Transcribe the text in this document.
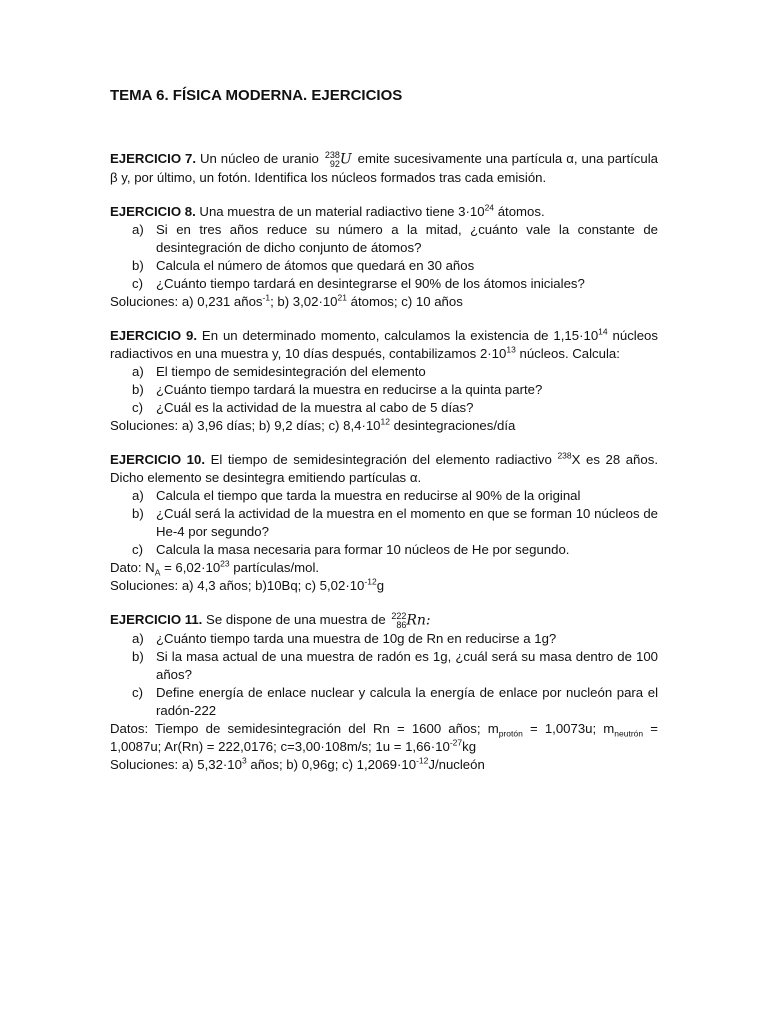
TEMA 6. FÍSICA MODERNA. EJERCICIOS
EJERCICIO 7. Un núcleo de uranio 238
92 U emite sucesivamente una partícula α, una partícula β y, por último, un fotón. Identifica los núcleos formados tras cada emisión.
EJERCICIO 8. Una muestra de un material radiactivo tiene $3\cdot 10^{24}$ átomos.
a) Si en tres años reduce su número a la mitad, ¿cuánto vale la constante de desintegración de dicho conjunto de átomos?
b) Calcula el número de átomos que quedará en 30 años
c) ¿Cuánto tiempo tardará en desintegrarse el 90% de los átomos iniciales?
Soluciones: a) 0,231 años$^{-1}$; b) $3,02\cdot 10^{21}$ átomos; c) 10 años
EJERCICIO 9. En un determinado momento, calculamos la existencia de $1,15\cdot 10^{14}$ núcleos radiactivos en una muestra y, 10 días después, contabilizamos $2\cdot 10^{13}$ núcleos. Calcula:
a) El tiempo de semidesintegración del elemento
b) ¿Cuánto tiempo tardará la muestra en reducirse a la quinta parte?
c) ¿Cuál es la actividad de la muestra al cabo de 5 días?
Soluciones: a) 3,96 días; b) 9,2 días; c) $8,4\cdot 10^{12}$ desintegraciones/día
EJERCICIO 10. El tiempo de semidesintegración del elemento radiactivo $^{238}$X es 28 años. Dicho elemento se desintegra emitiendo partículas α.
a) Calcula el tiempo que tarda la muestra en reducirse al 90% de la original
b) ¿Cuál será la actividad de la muestra en el momento en que se forman 10 núcleos de He-4 por segundo?
c) Calcula la masa necesaria para formar 10 núcleos de He por segundo.
Dato: $N_A = 6,02\cdot 10^{23}$ partículas/mol.
Soluciones: a) 4,3 años; b)10Bq; c) $5,02\cdot 10^{-12}g$
EJERCICIO 11. Se dispone de una muestra de 222
86 Rn:
a) ¿Cuánto tiempo tarda una muestra de 10g de Rn en reducirse a 1g?
b) Si la masa actual de una muestra de radón es 1g, ¿cuál será su masa dentro de 100 años?
c) Define energía de enlace nuclear y calcula la energía de enlace por nucleón para el radón-222
Datos: Tiempo de semidesintegración del Rn = 1600 años; $m_{protón} = 1,0073u$; $m_{neutrón} = 1,0087u$; Ar(Rn) = 222,0176; c=3,00·108m/s; $1u = 1,66\cdot 10^{-27}kg$
Soluciones: a) $5,32\cdot 10^3$ años; b) 0,96g; c) $1,2069\cdot 10^{-12}J$/nucleón
